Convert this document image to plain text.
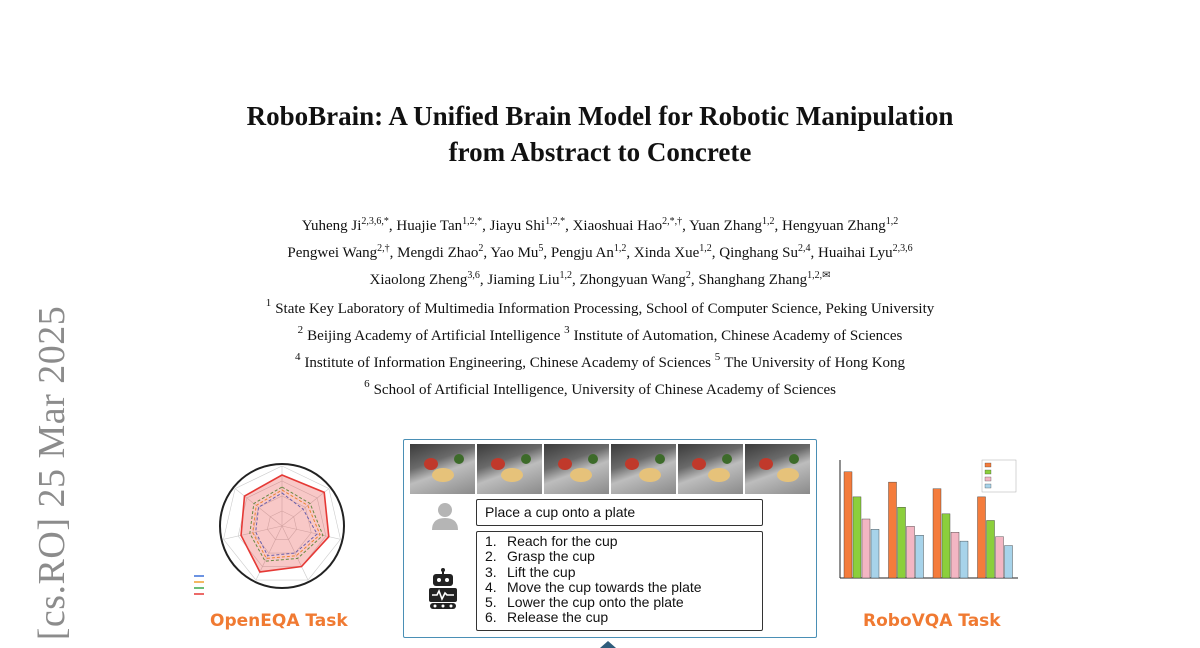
[cs.RO] 25 Mar 2025
RoboBrain: A Unified Brain Model for Robotic Manipulation
from Abstract to Concrete
Yuheng $Ji^{2,3,6,*}$, Huajie Tan$^{1,2,*}$, Jiayu Shi$^{1,2,*}$, Xiaoshuai Hao$^{2,*,\dagger}$, Yuan Zhang$^{1,2}$, Hengyuan Zhang$^{1,2}$
Pengwei Wang$^{2,\dagger}$, Mengdi Zhao$^2$, Yao Mu$^5$, Pengju An$^{1,2}$, Xinda Xue$^{1,2}$, Qinghang Su$^{2,4}$, Huaihai Lyu$^{2,3,6}$
Xiaolong Zheng$^{3,6}$, Jiaming Liu$^{1,2}$, Zhongyuan Wang$^2$, Shanghang Zhang$^{1,2,✉}$
$^1$ State Key Laboratory of Multimedia Information Processing, School of Computer Science, Peking University
$^2$ Beijing Academy of Artificial Intelligence $^3$ Institute of Automation, Chinese Academy of Sciences
$^4$ Institute of Information Engineering, Chinese Academy of Sciences $^5$ The University of Hong Kong
$^6$ School of Artificial Intelligence, University of Chinese Academy of Sciences
OpenEQA Task
Place a cup onto a plate
1. Reach for the cup
2. Grasp the cup
3. Lift the cup
4. Move the cup towards the plate
5. Lower the cup onto the plate
6. Release the cup	RoboVQA Task
